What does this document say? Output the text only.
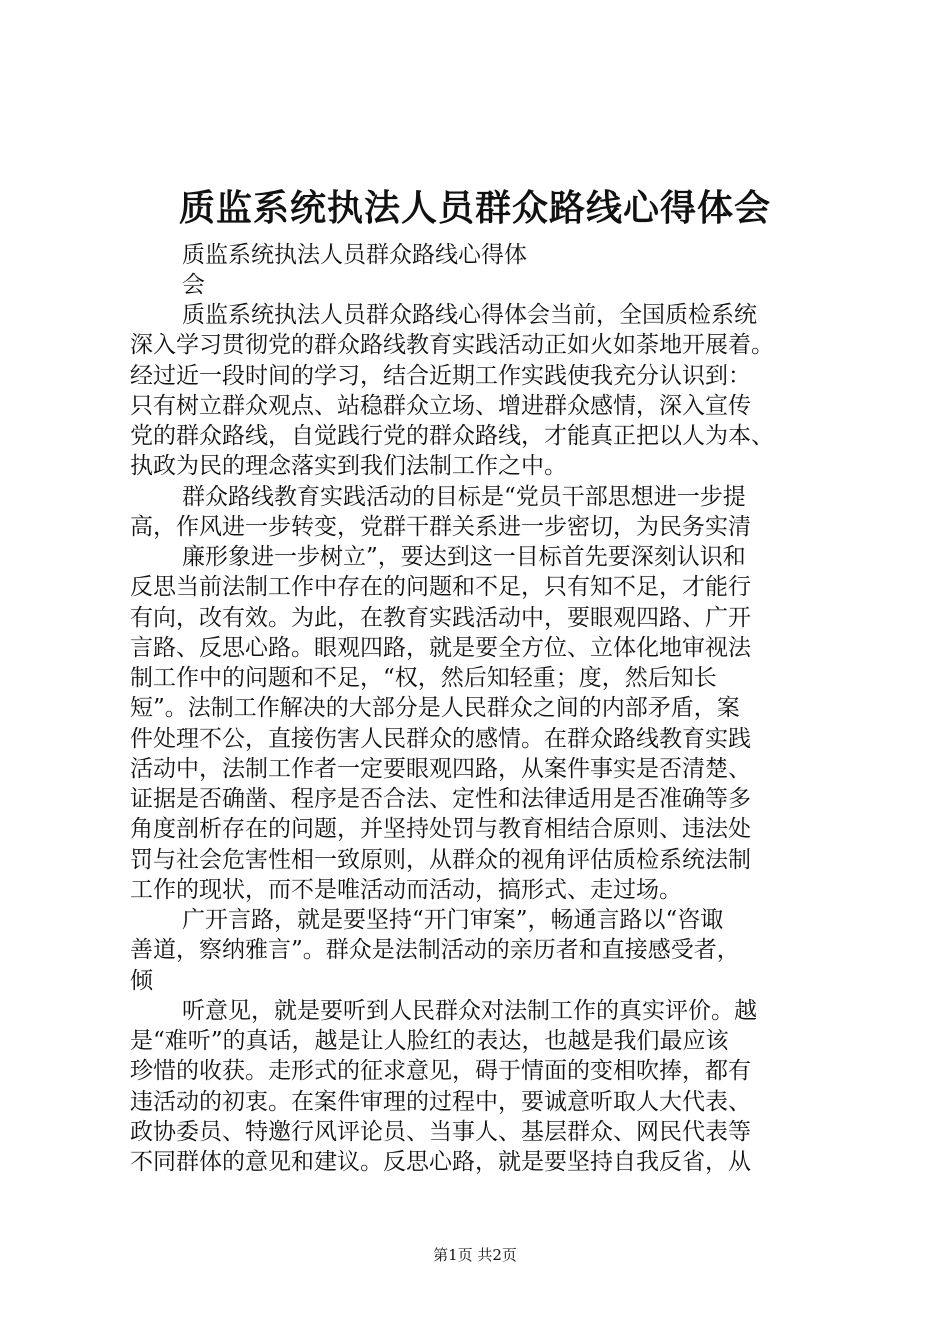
质监系统执法人员群众路线心得体会
质监系统执法人员群众路线心得体
会
质监系统执法人员群众路线心得体会当前，全国质检系统
深入学习贯彻党的群众路线教育实践活动正如火如荼地开展着。
经过近一段时间的学习，结合近期工作实践使我充分认识到：
只有树立群众观点、站稳群众立场、增进群众感情，深入宣传
党的群众路线，自觉践行党的群众路线，才能真正把以人为本、
执政为民的理念落实到我们法制工作之中。
群众路线教育实践活动的目标是“党员干部思想进一步提
高，作风进一步转变，党群干群关系进一步密切，为民务实清
廉形象进一步树立”，要达到这一目标首先要深刻认识和
反思当前法制工作中存在的问题和不足，只有知不足，才能行
有向，改有效。为此，在教育实践活动中，要眼观四路、广开
言路、反思心路。眼观四路，就是要全方位、立体化地审视法
制工作中的问题和不足，“权，然后知轻重；度，然后知长
短”。法制工作解决的大部分是人民群众之间的内部矛盾，案
件处理不公，直接伤害人民群众的感情。在群众路线教育实践
活动中，法制工作者一定要眼观四路，从案件事实是否清楚、
证据是否确凿、程序是否合法、定性和法律适用是否准确等多
角度剖析存在的问题，并坚持处罚与教育相结合原则、违法处
罚与社会危害性相一致原则，从群众的视角评估质检系统法制
工作的现状，而不是唯活动而活动，搞形式、走过场。
广开言路，就是要坚持“开门审案”，畅通言路以“咨诹
善道，察纳雅言”。群众是法制活动的亲历者和直接感受者，
倾
听意见，就是要听到人民群众对法制工作的真实评价。越
是“难听”的真话，越是让人脸红的表达，也越是我们最应该
珍惜的收获。走形式的征求意见，碍于情面的变相吹捧，都有
违活动的初衷。在案件审理的过程中，要诚意听取人大代表、
政协委员、特邀行风评论员、当事人、基层群众、网民代表等
不同群体的意见和建议。反思心路，就是要坚持自我反省，从
第1页 共2页
